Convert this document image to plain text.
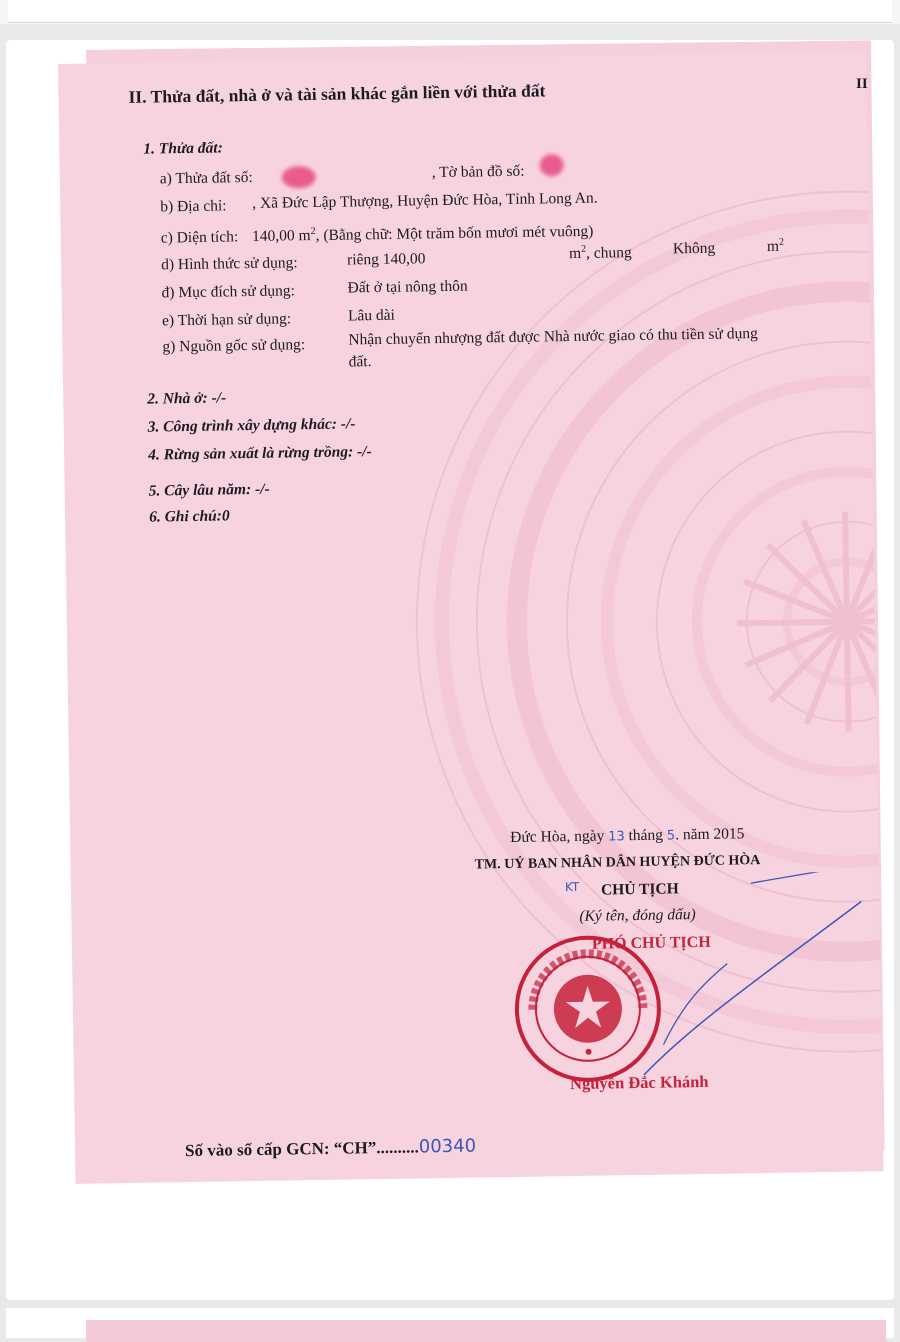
II. Thửa đất, nhà ở và tài sản khác gắn liền với thửa đất
1. Thửa đất:
a) Thửa đất số:	, Tờ bản đồ số:
b) Địa chỉ: , Xã Đức Lập Thượng, Huyện Đức Hòa, Tỉnh Long An.
c) Diện tích: 140,00 $m^2$, (Bằng chữ: Một trăm bốn mươi mét vuông)
d) Hình thức sử dụng:	riêng 140,00	$m^2$, chung	Không	$m^2$
đ) Mục đích sử dụng:	Đất ở tại nông thôn
e) Thời hạn sử dụng:	Lâu dài
g) Nguồn gốc sử dụng:	Nhận chuyển nhượng đất được Nhà nước giao có thu tiền sử dụng
đất.
2. Nhà ở: -/-
3. Công trình xây dựng khác: -/-
4. Rừng sản xuất là rừng trồng: -/-
5. Cây lâu năm: -/-
6. Ghi chú:0
Đức Hòa, ngày 13 tháng 5. năm 2015
TM. UỶ BAN NHÂN DÂN HUYỆN ĐỨC HÒA
KT CHỦ TỊCH
(Ký tên, đóng dấu)
PHÓ CHỦ TỊCH
Nguyễn Đắc Khánh
Số vào sổ cấp GCN: “CH”..........00340
II
